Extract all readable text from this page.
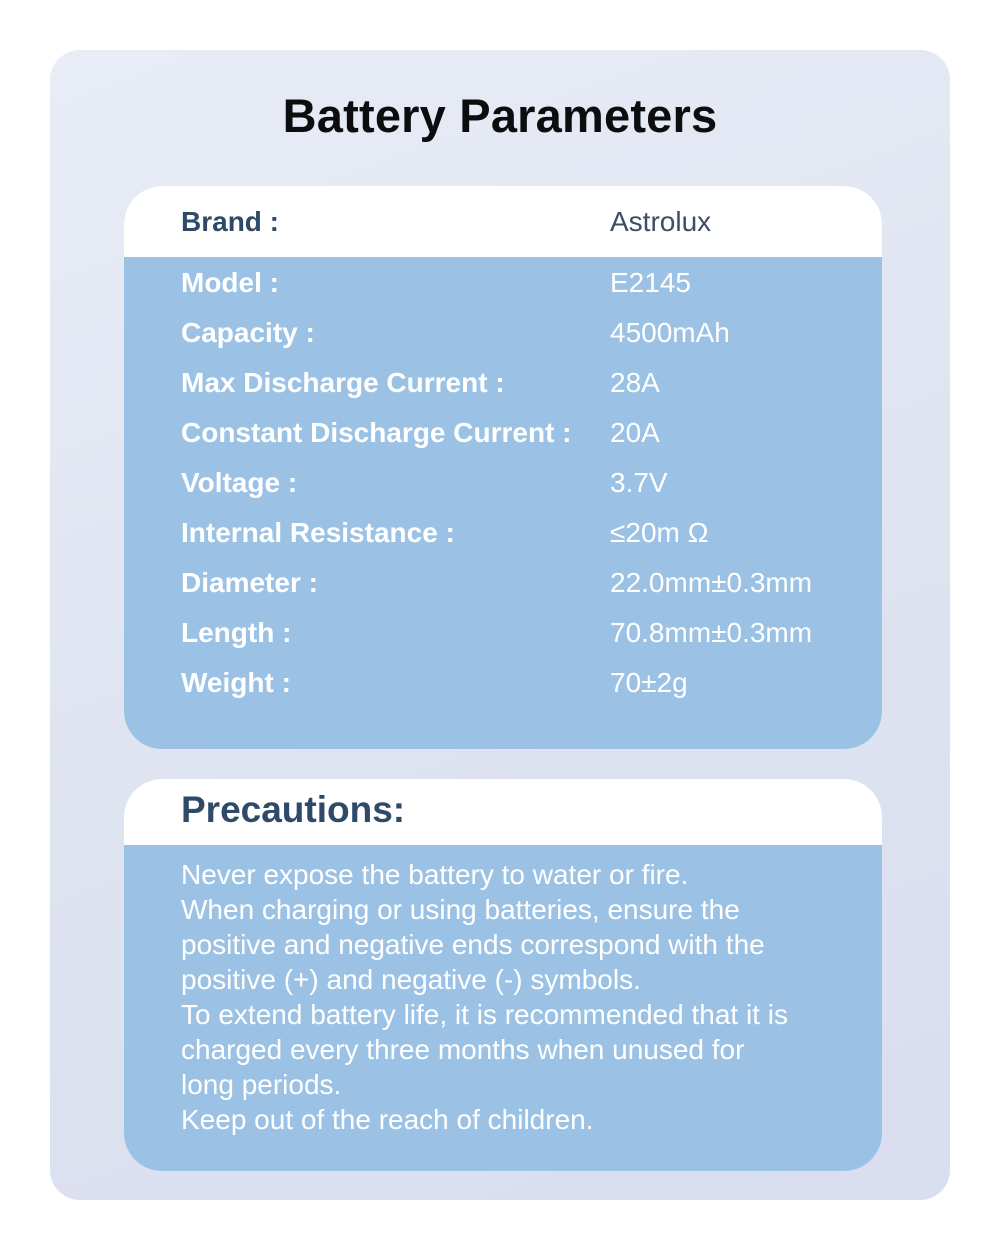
Battery Parameters
Brand :	Astrolux
Model :	E2145
Capacity :	4500mAh
Max Discharge Current :	28A
Constant Discharge Current : 20A
Voltage :	3.7V
Internal Resistance :	≤20m Ω
Diameter :	22.0mm±0.3mm
Length :	70.8mm±0.3mm
Weight :	70±2g
Precautions:
Never expose the battery to water or fire.
When charging or using batteries, ensure the
positive and negative ends correspond with the
positive (+) and negative (-) symbols.
To extend battery life, it is recommended that it is
charged every three months when unused for
long periods.
Keep out of the reach of children.
